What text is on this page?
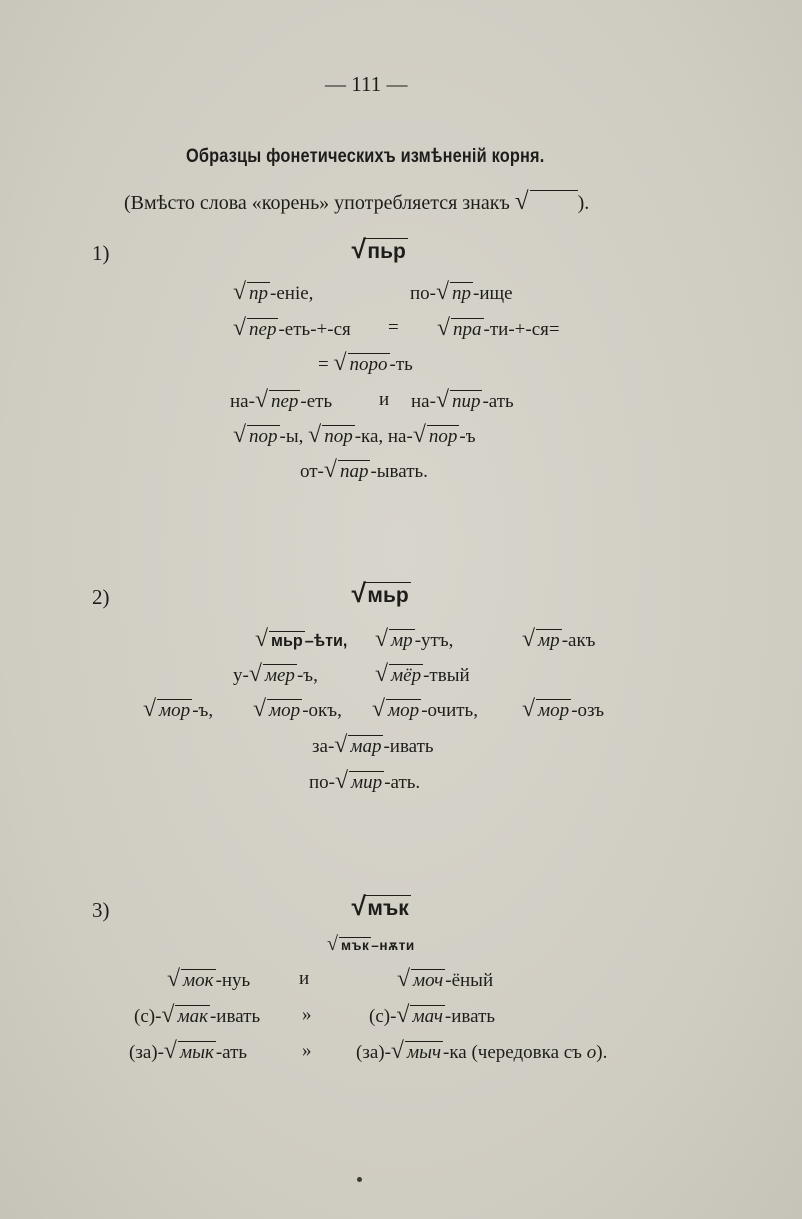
— 111 —
Образцы фонетическихъ измѣненій корня.
(Вмѣсто слова «корень» употребляется знакъ √ ).
1)	√ пьр
√ пр -еніе,	по-√ пр -ище
√ пер -еть-+-ся = √ пра -ти-+-ся=
= √ поро -ть
на-√ пер -еть и на-√ пир -ать
√ пор -ы, √ пор -ка, на-√ пор -ъ
от-√ пар -ывать.
2)	√ мьр
√ мьр –ѣти, √ мр -утъ,	√ мр -акъ
у-√ мер -ъ, √ мёр -твый
√ мор -ъ, √ мор -окъ, √ мор -очить, √ мор -озъ
за-√ мар -ивать
по-√ мир -ать.
3)	√ мък
√ мък –нѫти
√ мок -нуь	и	√ моч -ёный
(с)-√ мак -ивать »	(с)-√ мач -ивать
(за)-√ мык -ать	» (за)-√ мыч -ка (чередовка съ о).
